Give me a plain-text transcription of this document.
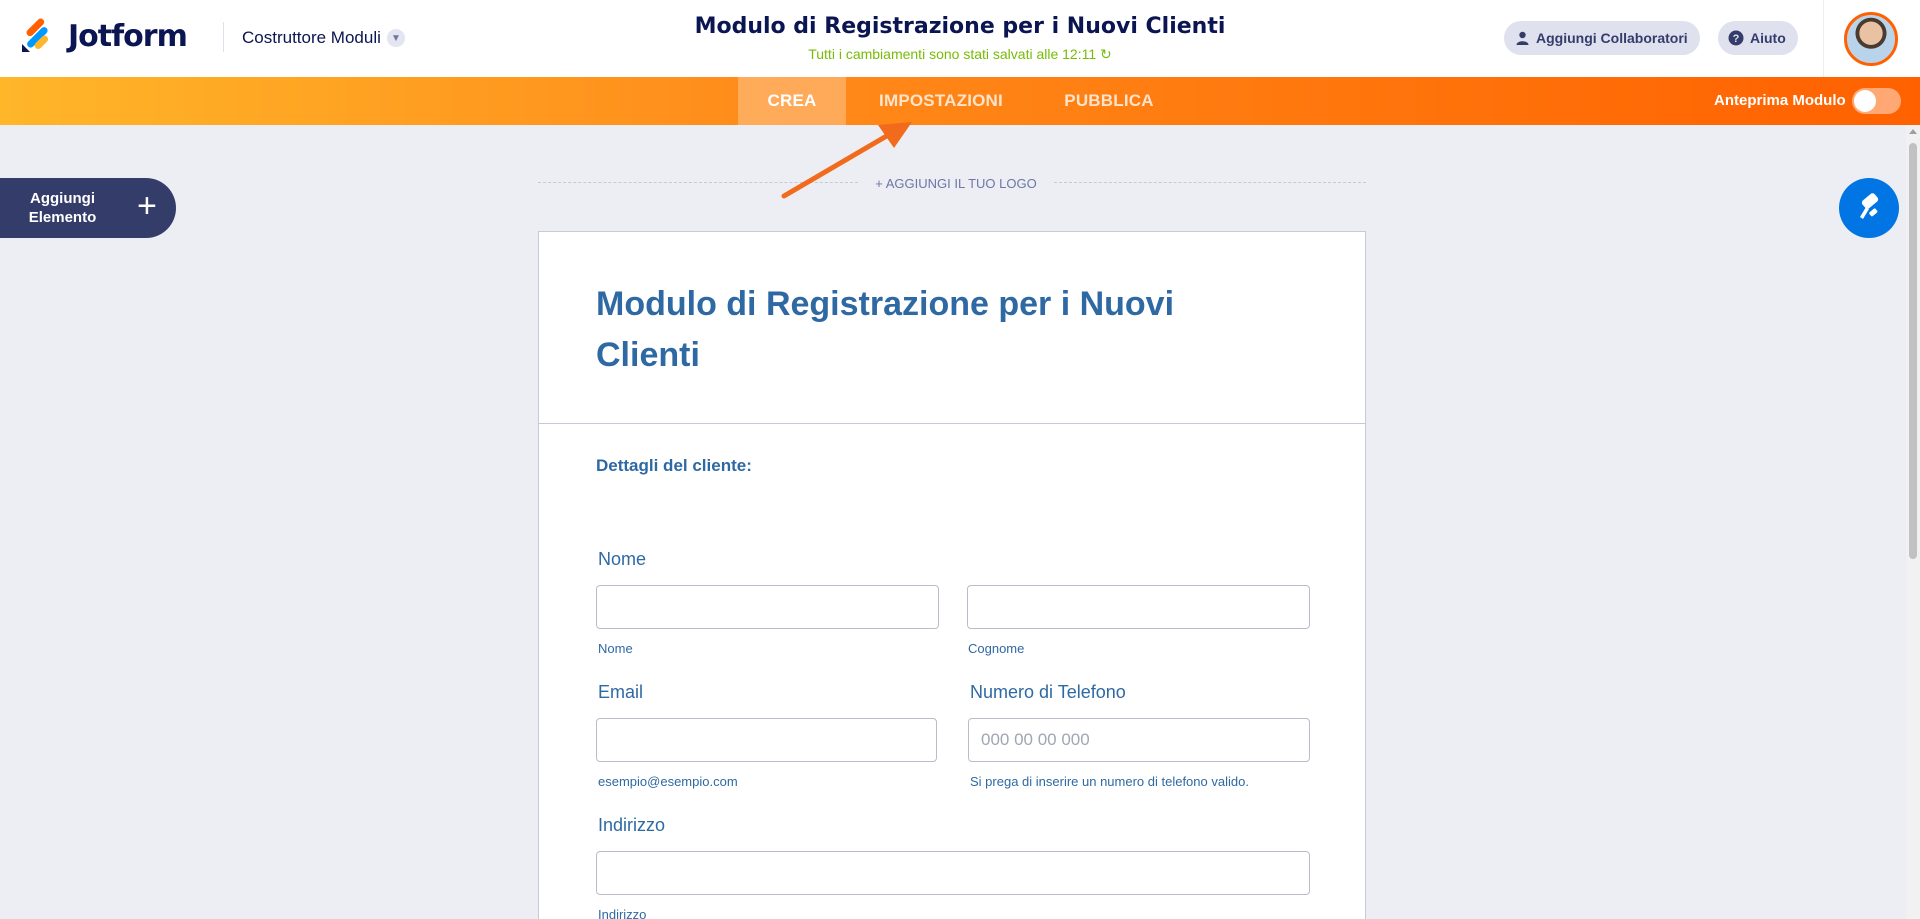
Jotform	Costruttore Moduli	▼	Modulo di Registrazione per i Nuovi Clienti
Tutti i cambiamenti sono stati salvati alle 12:11 ↻
Aggiungi Collaboratori	? Aiuto
CREA	IMPOSTAZIONI	PUBBLICA	Anteprima Modulo
Aggiungi Elemento	+
+ AGGIUNGI IL TUO LOGO
Modulo di Registrazione per i Nuovi Clienti
Dettagli del cliente:
Nome
Nome	Cognome
Email	Numero di Telefono
000 00 00 000
esempio@esempio.com	Si prega di inserire un numero di telefono valido.
Indirizzo
Indirizzo
